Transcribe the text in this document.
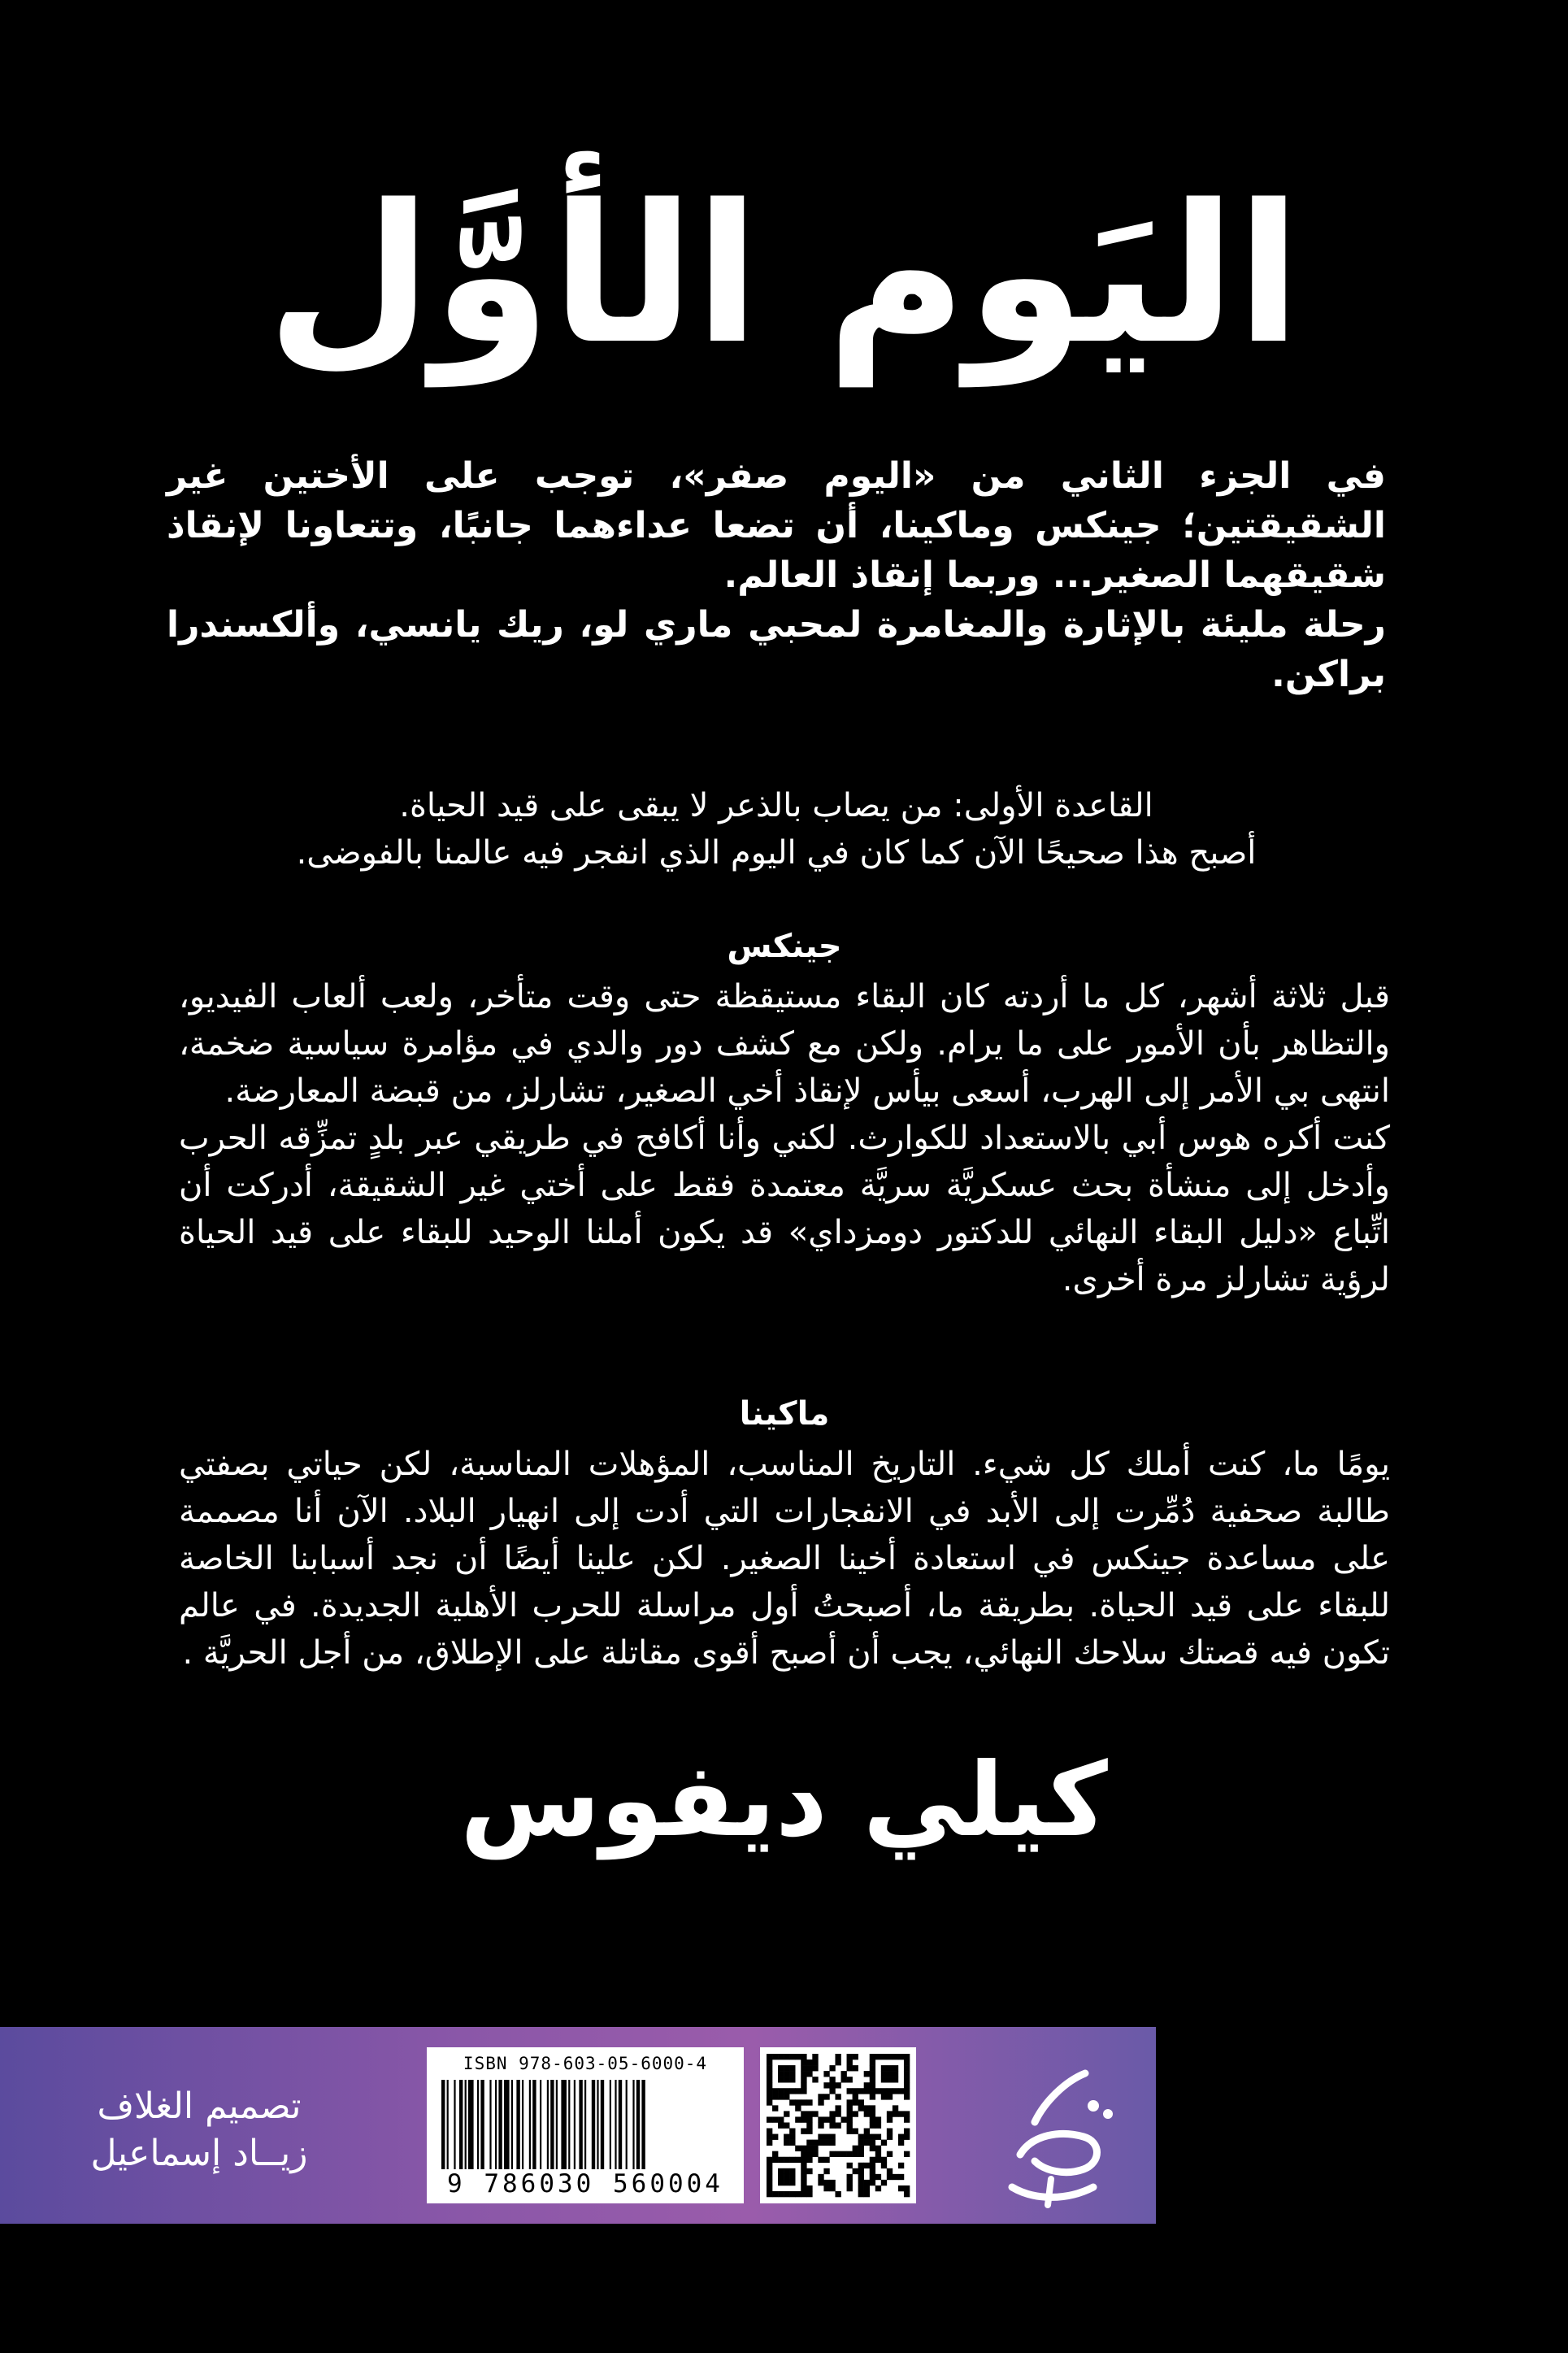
اليَوم الأوَّل

في الجزء الثاني من «اليوم صفر»، توجب على الأختين غير الشقيقتين؛ جينكس وماكينا، أن تضعا عداءهما جانبًا، وتتعاونا لإنقاذ شقيقهما الصغير... وربما إنقاذ العالم.

رحلة مليئة بالإثارة والمغامرة لمحبي ماري لو، ريك يانسي، وألكسندرا براكن.

القاعدة الأولى: من يصاب بالذعر لا يبقى على قيد الحياة.

أصبح هذا صحيحًا الآن كما كان في اليوم الذي انفجر فيه عالمنا بالفوضى.

جينكس

قبل ثلاثة أشهر، كل ما أردته كان البقاء مستيقظة حتى وقت متأخر، ولعب ألعاب الفيديو، والتظاهر بأن الأمور على ما يرام. ولكن مع كشف دور والدي في مؤامرة سياسية ضخمة، انتهى بي الأمر إلى الهرب، أسعى بيأس لإنقاذ أخي الصغير، تشارلز، من قبضة المعارضة.

كنت أكره هوس أبي بالاستعداد للكوارث. لكني وأنا أكافح في طريقي عبر بلدٍ تمزِّقه الحرب وأدخل إلى منشأة بحث عسكريَّة سريَّة معتمدة فقط على أختي غير الشقيقة، أدركت أن اتِّباع «دليل البقاء النهائي للدكتور دومزداي» قد يكون أملنا الوحيد للبقاء على قيد الحياة لرؤية تشارلز مرة أخرى.

ماكينا

يومًا ما، كنت أملك كل شيء. التاريخ المناسب، المؤهلات المناسبة، لكن حياتي بصفتي طالبة صحفية دُمِّرت إلى الأبد في الانفجارات التي أدت إلى انهيار البلاد. الآن أنا مصممة على مساعدة جينكس في استعادة أخينا الصغير. لكن علينا أيضًا أن نجد أسبابنا الخاصة للبقاء على قيد الحياة. بطريقة ما، أصبحتُ أول مراسلة للحرب الأهلية الجديدة. في عالم تكون فيه قصتك سلاحك النهائي، يجب أن أصبح أقوى مقاتلة على الإطلاق، من أجل الحريَّة .

كيلي ديفوس
تصميم الغلاف
زيــاد إسماعيل
ISBN 978-603-05-6000-4
9 786030 560004
